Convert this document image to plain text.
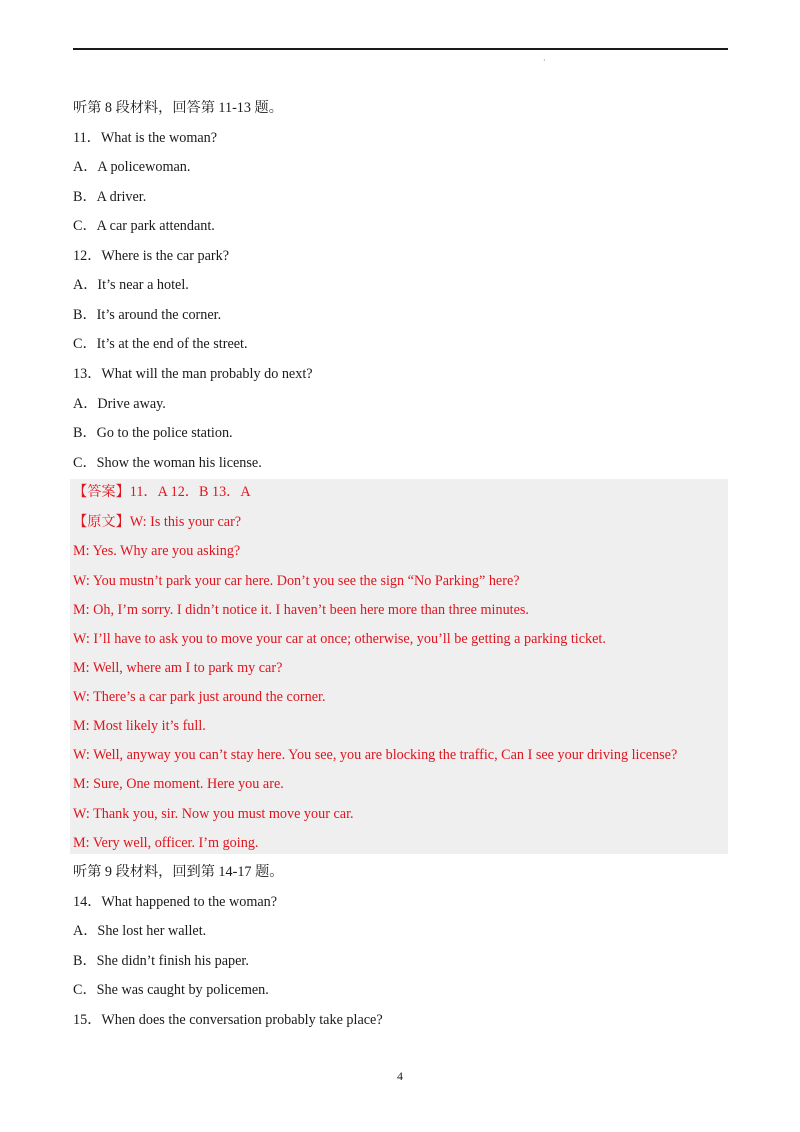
·
听第 8 段材料，回答第 11-13 题。
11．What is the woman?
A．A policewoman.
B．A driver.
C．A car park attendant.
12．Where is the car park?
A．It’s near a hotel.
B．It’s around the corner.
C．It’s at the end of the street.
13．What will the man probably do next?
A．Drive away.
B．Go to the police station.
C．Show the woman his license.
【答案】11．A 12．B 13．A
【原文】W: Is this your car?
M: Yes. Why are you asking?
W: You mustn’t park your car here. Don’t you see the sign “No Parking” here?
M: Oh, I’m sorry. I didn’t notice it. I haven’t been here more than three minutes.
W: I’ll have to ask you to move your car at once; otherwise, you’ll be getting a parking ticket.
M: Well, where am I to park my car?
W: There’s a car park just around the corner.
M: Most likely it’s full.
W: Well, anyway you can’t stay here. You see, you are blocking the traffic, Can I see your driving license?
M: Sure, One moment. Here you are.
W: Thank you, sir. Now you must move your car.
M: Very well, officer. I’m going.
听第 9 段材料，回到第 14-17 题。
14．What happened to the woman?
A．She lost her wallet.
B．She didn’t finish his paper.
C．She was caught by policemen.
15．When does the conversation probably take place?
4
